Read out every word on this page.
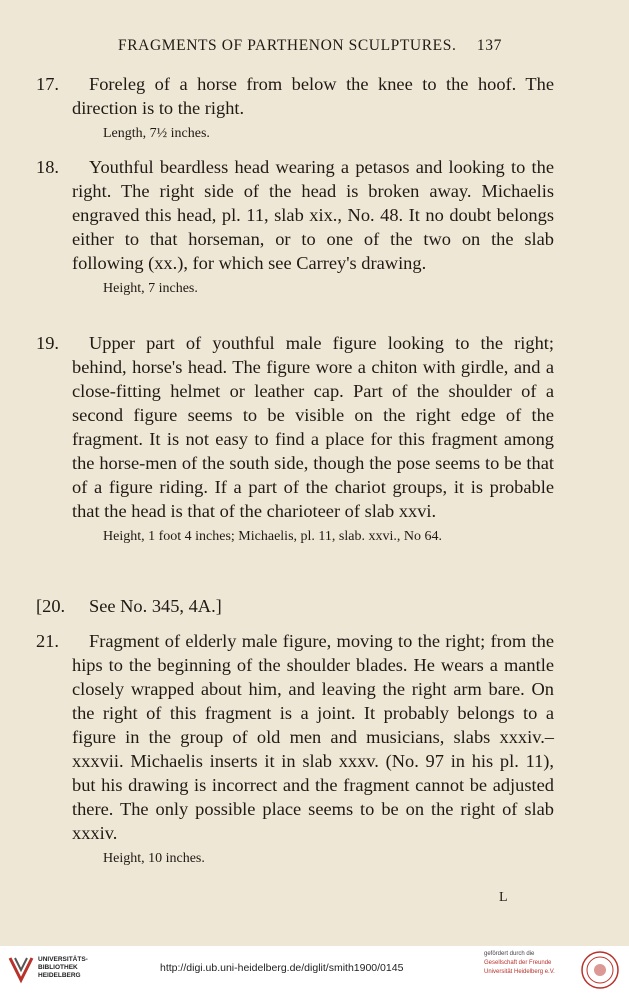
FRAGMENTS OF PARTHENON SCULPTURES. 137
17. Foreleg of a horse from below the knee to the hoof. The direction is to the right.
Length, 7½ inches.
18. Youthful beardless head wearing a petasos and looking to the right. The right side of the head is broken away. Michaelis engraved this head, pl. 11, slab xix., No. 48. It no doubt belongs either to that horseman, or to one of the two on the slab following (xx.), for which see Carrey's drawing.
Height, 7 inches.
19. Upper part of youthful male figure looking to the right; behind, horse's head. The figure wore a chiton with girdle, and a close-fitting helmet or leather cap. Part of the shoulder of a second figure seems to be visible on the right edge of the fragment. It is not easy to find a place for this fragment among the horse-men of the south side, though the pose seems to be that of a figure riding. If a part of the chariot groups, it is probable that the head is that of the charioteer of slab xxvi.
Height, 1 foot 4 inches; Michaelis, pl. 11, slab. xxvi., No 64.
[20. See No. 345, 4A.]
21. Fragment of elderly male figure, moving to the right; from the hips to the beginning of the shoulder blades. He wears a mantle closely wrapped about him, and leaving the right arm bare. On the right of this fragment is a joint. It probably belongs to a figure in the group of old men and musicians, slabs xxxiv.–xxxvii. Michaelis inserts it in slab xxxv. (No. 97 in his pl. 11), but his drawing is incorrect and the fragment cannot be adjusted there. The only possible place seems to be on the right of slab xxxiv.
Height, 10 inches.
L
UNIVERSITÄTS-
BIBLIOTHEK
HEIDELBERG
http://digi.ub.uni-heidelberg.de/diglit/smith1900/0145
gefördert durch die
Gesellschaft der Freunde
Universität Heidelberg e.V.
